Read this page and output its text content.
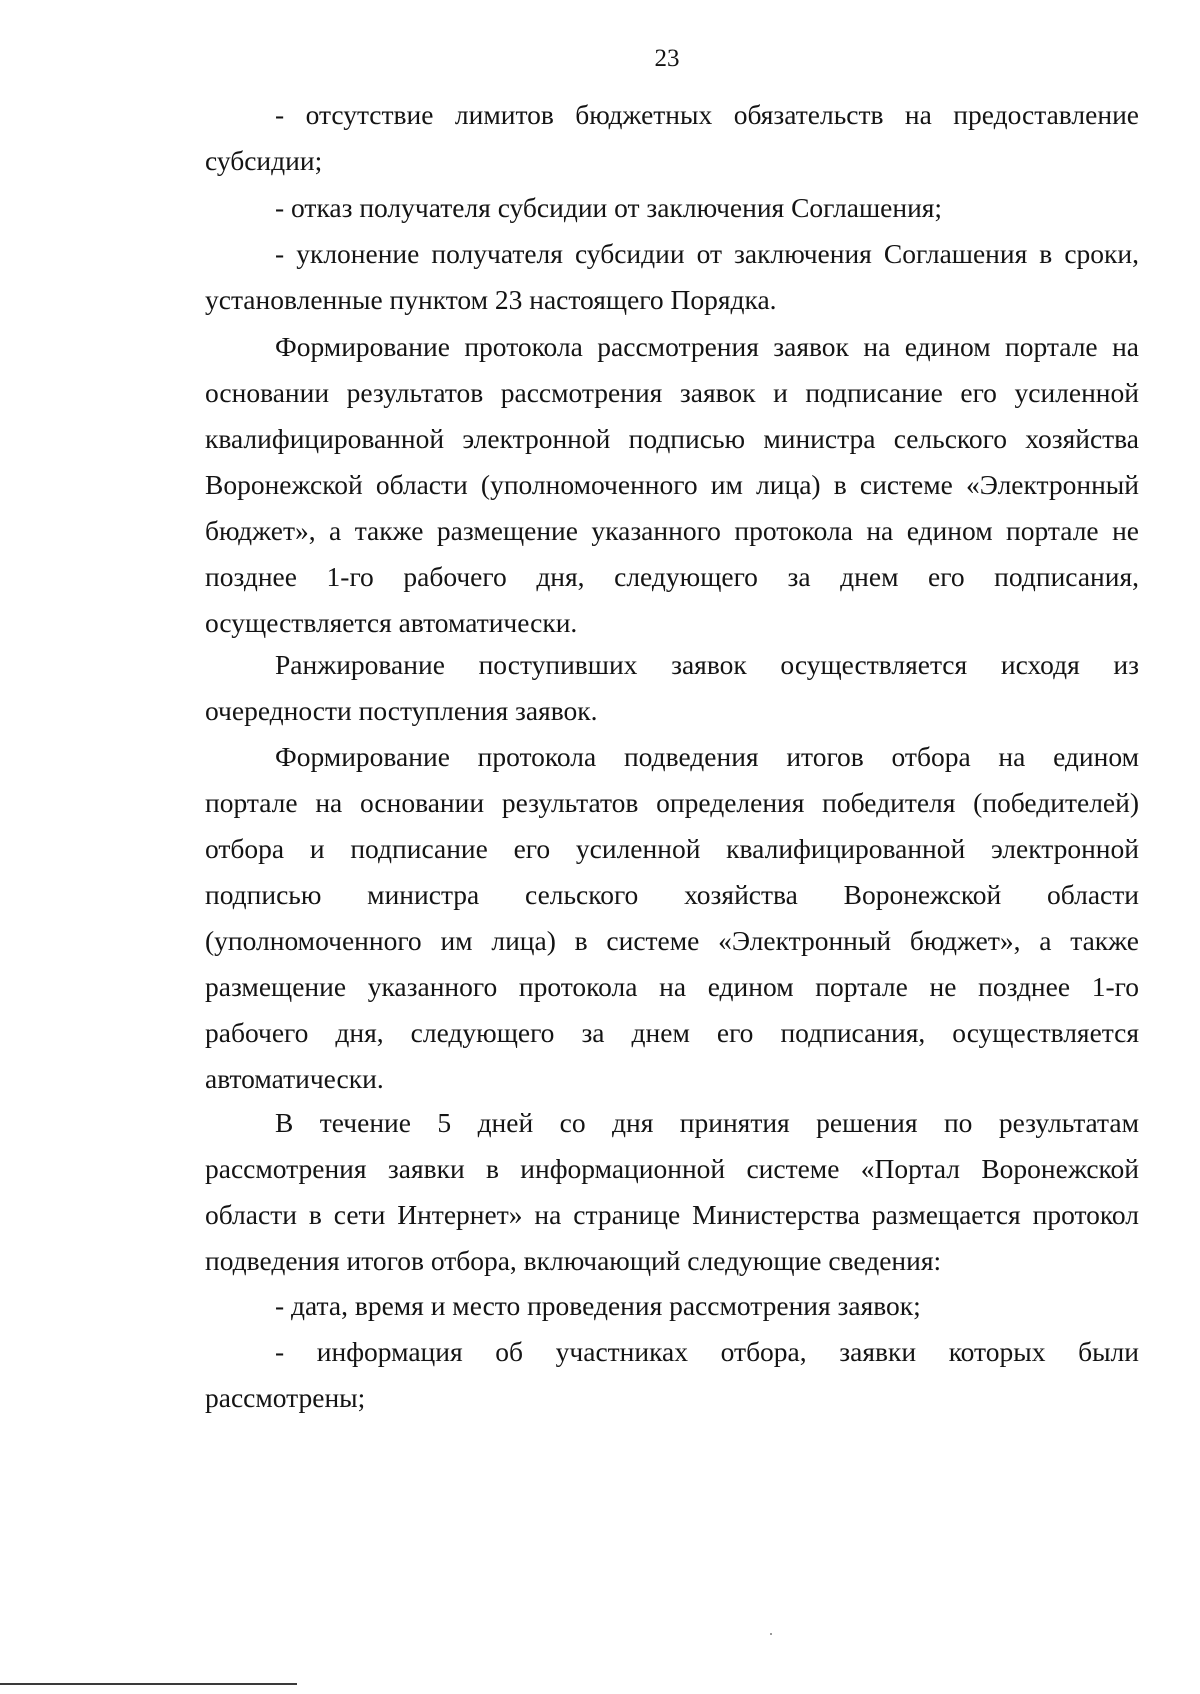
23
- отсутствие лимитов бюджетных обязательств на предоставление
субсидии;
- отказ получателя субсидии от заключения Соглашения;
- уклонение получателя субсидии от заключения Соглашения в сроки,
установленные пунктом 23 настоящего Порядка.
Формирование протокола рассмотрения заявок на едином портале на
основании результатов рассмотрения заявок и подписание его усиленной
квалифицированной электронной подписью министра сельского хозяйства
Воронежской области (уполномоченного им лица) в системе «Электронный
бюджет», а также размещение указанного протокола на едином портале не
позднее 1-го рабочего дня, следующего за днем его подписания,
осуществляется автоматически.
Ранжирование поступивших заявок осуществляется исходя из
очередности поступления заявок.
Формирование протокола подведения итогов отбора на едином
портале на основании результатов определения победителя (победителей)
отбора и подписание его усиленной квалифицированной электронной
подписью министра сельского хозяйства Воронежской области
(уполномоченного им лица) в системе «Электронный бюджет», а также
размещение указанного протокола на едином портале не позднее 1-го
рабочего дня, следующего за днем его подписания, осуществляется
автоматически.
В течение 5 дней со дня принятия решения по результатам
рассмотрения заявки в информационной системе «Портал Воронежской
области в сети Интернет» на странице Министерства размещается протокол
подведения итогов отбора, включающий следующие сведения:
- дата, время и место проведения рассмотрения заявок;
- информация об участниках отбора, заявки которых были
рассмотрены;
